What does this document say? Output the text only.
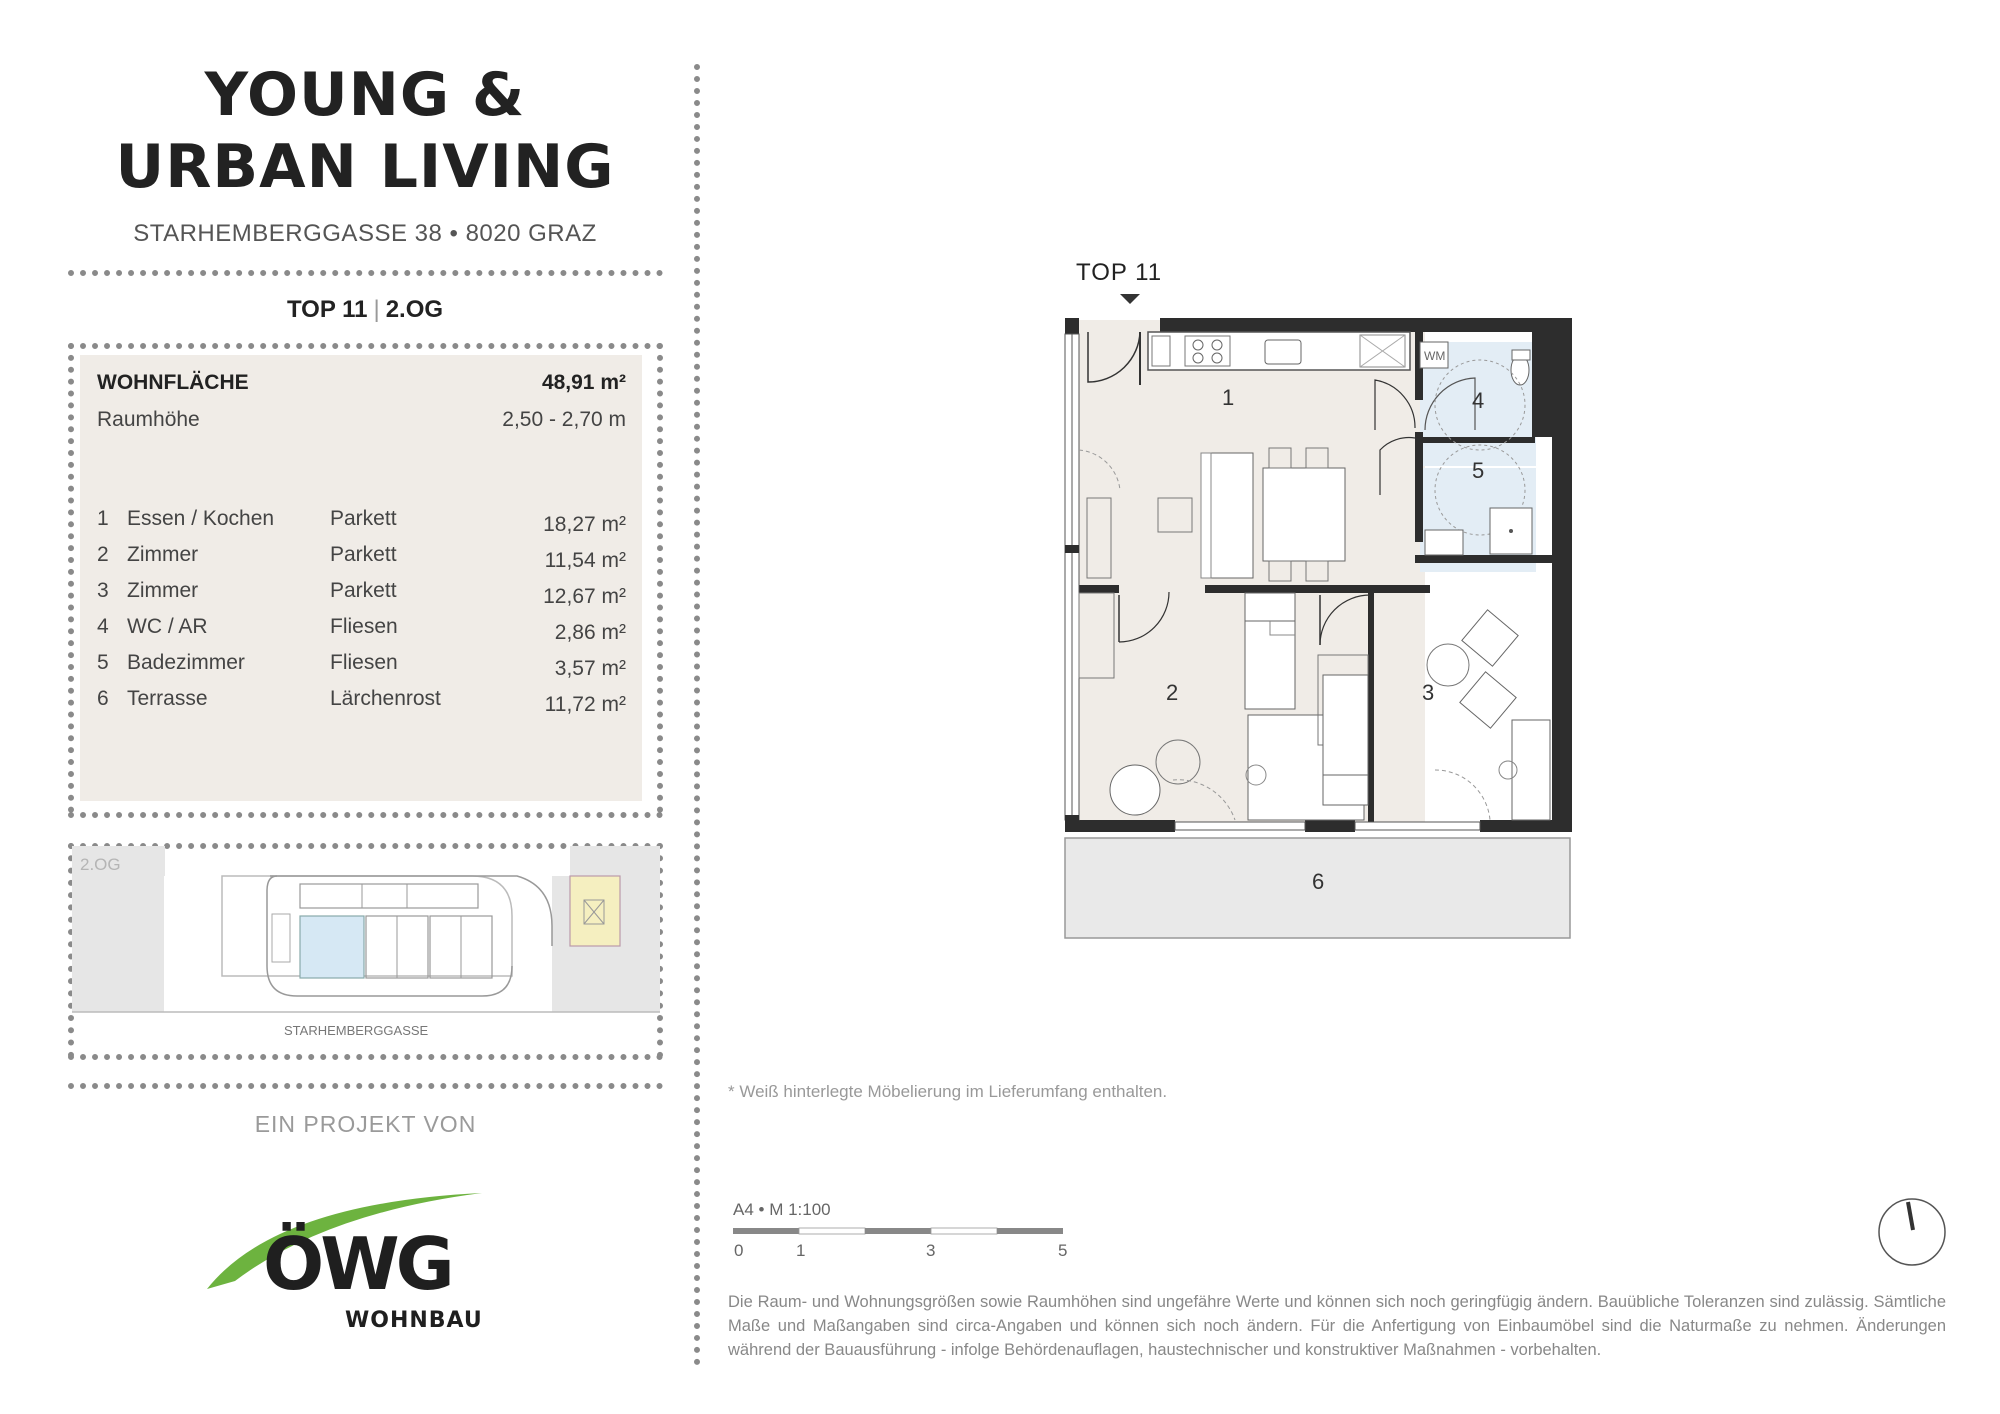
YOUNG &
URBAN LIVING
STARHEMBERGGASSE 38 • 8020 GRAZ
TOP 11 | 2.OG
WOHNFLÄCHE	48,91 m²
Raumhöhe	2,50 - 2,70 m
1 Essen / Kochen	Parkett	18,27 m²
2 Zimmer	Parkett	11,54 m²
3 Zimmer	Parkett	12,67 m²
4 WC / AR	Fliesen	2,86 m²
5 Badezimmer	Fliesen	3,57 m²
6 Terrasse	Lärchenrost	11,72 m²
2.OG
STARHEMBERGGASSE
EIN PROJEKT VON
ÖWG
WOHNBAU
TOP 11
WM
1
2	3
4
5
6
* Weiß hinterlegte Möbelierung im Lieferumfang enthalten.
A4 • M 1:100
0	1	3	5
Die Raum- und Wohnungsgrößen sowie Raumhöhen sind ungefähre Werte und können sich noch geringfügig ändern. Bauübliche Toleranzen sind zulässig. Sämtliche Maße und Maßangaben sind circa-Angaben und können sich noch ändern. Für die Anfertigung von Einbaumöbel sind die Naturmaße zu nehmen. Änderungen während der Bauausführung - infolge Behördenauflagen, haustechnischer und konstruktiver Maßnahmen - vorbehalten.
